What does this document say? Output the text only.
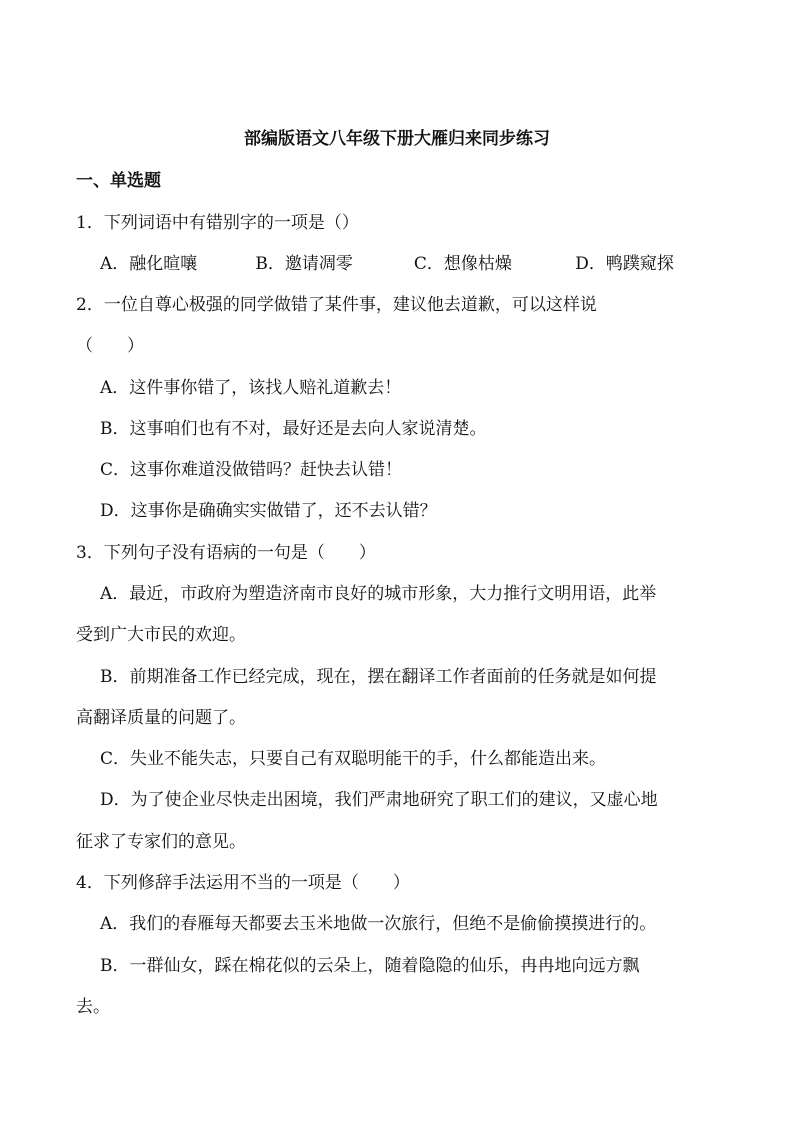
部编版语文八年级下册大雁归来同步练习
一、单选题
1．下列词语中有错别字的一项是（）
A．融化暄嚷	B．邀请凋零	C．想像枯燥	D．鸭蹼窥探
2．一位自尊心极强的同学做错了某件事，建议他去道歉，可以这样说
（　　）
A．这件事你错了，该找人赔礼道歉去！
B．这事咱们也有不对，最好还是去向人家说清楚。
C．这事你难道没做错吗？赶快去认错！
D．这事你是确确实实做错了，还不去认错？
3．下列句子没有语病的一句是（　　）
A．最近，市政府为塑造济南市良好的城市形象，大力推行文明用语，此举
受到广大市民的欢迎。
B．前期准备工作已经完成，现在，摆在翻译工作者面前的任务就是如何提
高翻译质量的问题了。
C．失业不能失志，只要自己有双聪明能干的手，什么都能造出来。
D．为了使企业尽快走出困境，我们严肃地研究了职工们的建议，又虚心地
征求了专家们的意见。
4．下列修辞手法运用不当的一项是（　　）
A．我们的春雁每天都要去玉米地做一次旅行，但绝不是偷偷摸摸进行的。
B．一群仙女，踩在棉花似的云朵上，随着隐隐的仙乐，冉冉地向远方飘
去。
